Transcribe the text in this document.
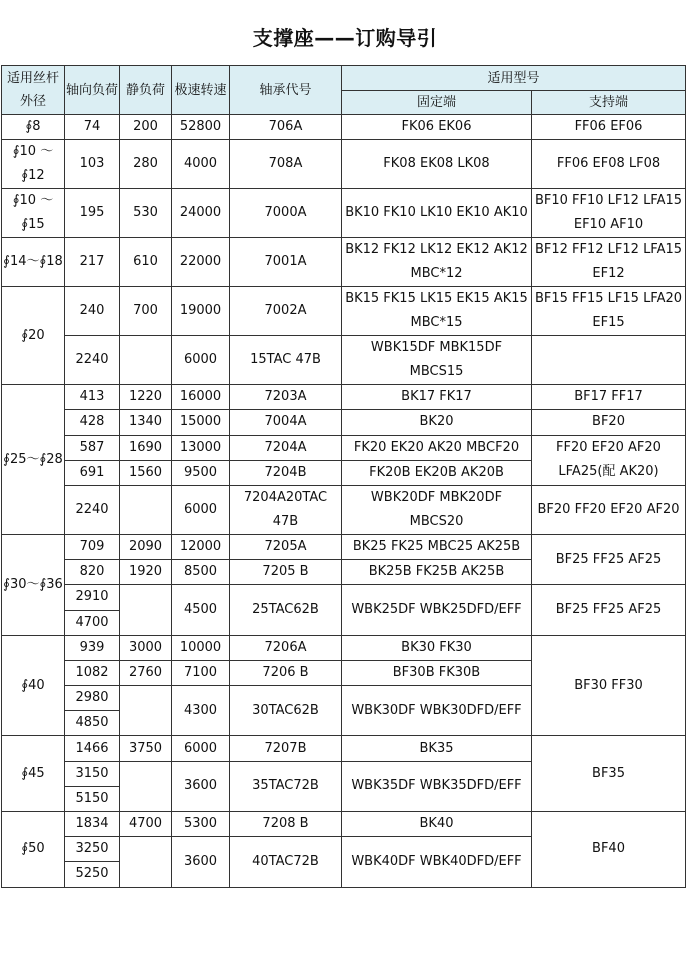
支撑座——订购导引
适用丝杆外径	轴向负荷	静负荷	极速转速	轴承代号	适用型号	
					固定端	支持端
∮8	74	200	52800	706A	FK06 EK06	FF06 EF06
∮10 ～∮12	103	280	4000	708A	FK08 EK08 LK08	FF06 EF08 LF08
∮10 ～∮15	195	530	24000	7000A	BK10 FK10 LK10 EK10 AK10	BF10 FF10 LF12 LFA15 EF10 AF10
∮14～∮18	217	610	22000	7001A	BK12 FK12 LK12 EK12 AK12 MBC*12	BF12 FF12 LF12 LFA15 EF12
∮20	240	700	19000	7002A	BK15 FK15 LK15 EK15 AK15 MBC*15	BF15 FF15 LF15 LFA20 EF15
	2240		6000	15TAC 47B	WBK15DF MBK15DF MBCS15	
∮25～∮28	413	1220	16000	7203A	BK17 FK17	BF17 FF17
	428	1340	15000	7004A	BK20	BF20
	587	1690	13000	7204A	FK20 EK20 AK20 MBCF20	FF20 EF20 AF20 LFA25(配 AK20)
	691	1560	9500	7204B	FK20B EK20B AK20B	
	2240		6000	7204A20TAC 47B	WBK20DF MBK20DF MBCS20	BF20 FF20 EF20 AF20
∮30～∮36	709	2090	12000	7205A	BK25 FK25 MBC25 AK25B	BF25 FF25 AF25
	820	1920	8500	7205 B	BK25B FK25B AK25B	
	2910		4500	25TAC62B	WBK25DF WBK25DFD/EFF	BF25 FF25 AF25
	4700					
∮40	939	3000	10000	7206A	BK30 FK30	BF30 FF30
	1082	2760	7100	7206 B	BF30B FK30B	
	2980		4300	30TAC62B	WBK30DF WBK30DFD/EFF	
	4850					
∮45	1466	3750	6000	7207B	BK35	BF35
	3150		3600	35TAC72B	WBK35DF WBK35DFD/EFF	
	5150					
∮50	1834	4700	5300	7208 B	BK40	BF40
	3250		3600	40TAC72B	WBK40DF WBK40DFD/EFF	
	5250					
